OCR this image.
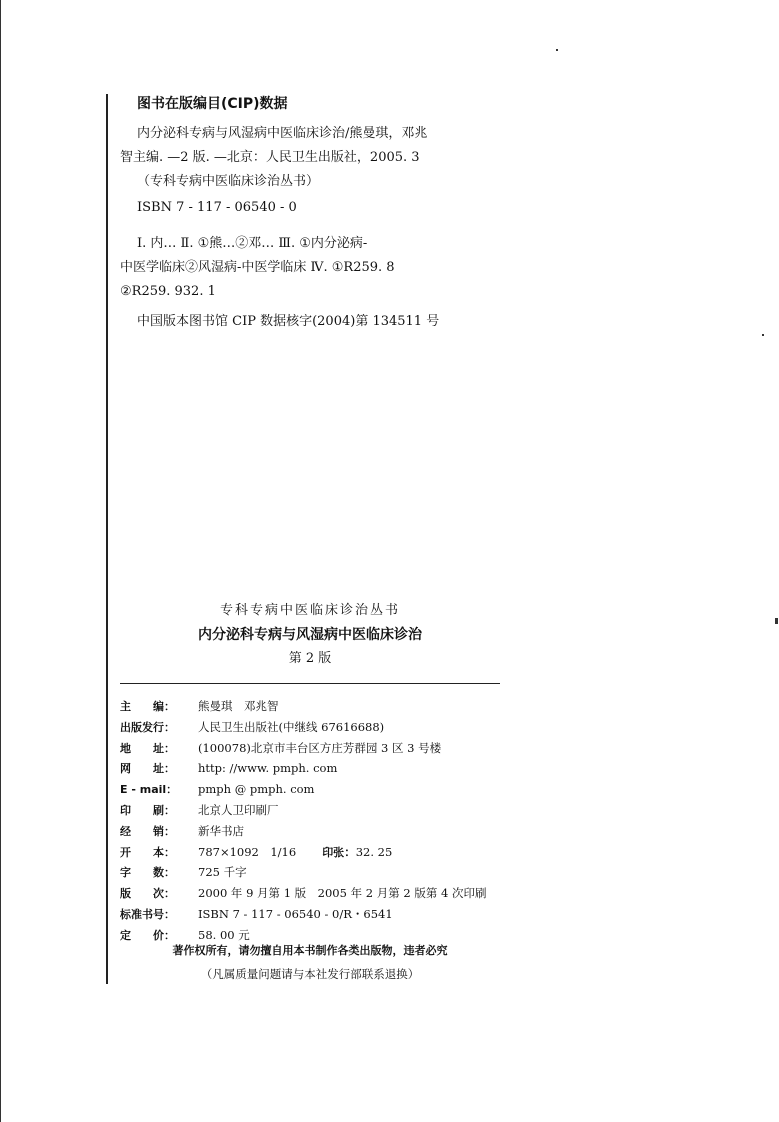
图书在版编目(CIP)数据
内分泌科专病与风湿病中医临床诊治/熊曼琪，邓兆
智主编. —2 版. —北京：人民卫生出版社，2005. 3
（专科专病中医临床诊治丛书）
ISBN 7 - 117 - 06540 - 0
Ⅰ. 内… Ⅱ. ①熊…②邓… Ⅲ. ①内分泌病-
中医学临床②风湿病-中医学临床 Ⅳ. ①R259. 8
②R259. 932. 1
中国版本图书馆 CIP 数据核字(2004)第 134511 号
专科专病中医临床诊治丛书
内分泌科专病与风湿病中医临床诊治
第 2 版
主　　编： 熊曼琪　邓兆智
出版发行： 人民卫生出版社(中继线 67616688)
地　　址： (100078)北京市丰台区方庄芳群园 3 区 3 号楼
网　　址： http: //www. pmph. com
E - mail： pmph @ pmph. com
印　　刷： 北京人卫印刷厂
经　　销： 新华书店
开　　本： 787×1092　1/16 印张：32. 25
字　　数： 725 千字
版　　次： 2000 年 9 月第 1 版　2005 年 2 月第 2 版第 4 次印刷
标准书号： ISBN 7 - 117 - 06540 - 0/R・6541
定　　价： 58. 00 元
著作权所有，请勿擅自用本书制作各类出版物，违者必究
（凡属质量问题请与本社发行部联系退换）
